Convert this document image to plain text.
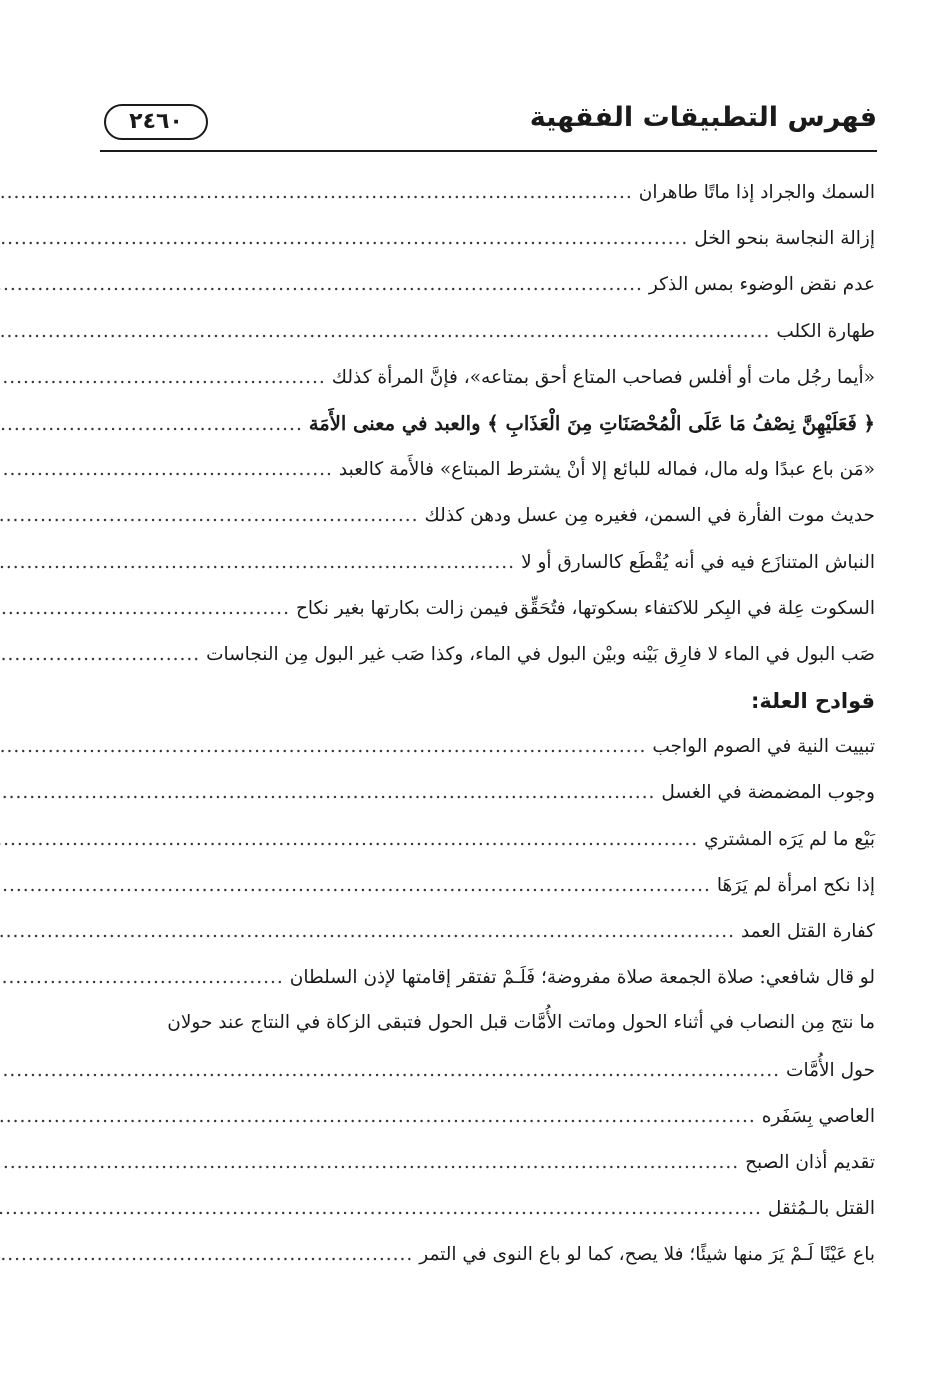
فهرس التطبيقات الفقهية
٢٤٦٠
السمك والجراد إذا ماتًا طاهران
.....
إزالة النجاسة بنحو الخل
.....
عدم نقض الوضوء بمس الذكر
.....
طهارة الكلب
.....
«أيما رجُل مات أو أفلس فصاحب المتاع أحق بمتاعه»، فإنَّ المرأة كذلك
.....
﴿ فَعَلَيْهِنَّ نِصْفُ مَا عَلَى الْمُحْصَنَاتِ مِنَ الْعَذَابِ ﴾ والعبد في معنى الأَمَة
.....
«مَن باع عبدًا وله مال، فماله للبائع إلا أنْ يشترط المبتاع» فالأَمة كالعبد
.....
حديث موت الفأرة في السمن، فغيره مِن عسل ودهن كذلك
.....
النباش المتنازَع فيه في أنه يُقْطَع كالسارق أو لا
.....
السكوت عِلة في البِكر للاكتفاء بسكوتها، فتُحَقِّق فيمن زالت بكارتها بغير نكاح
.....
صَب البول في الماء لا فارِق بَيْنه وبيْن البول في الماء، وكذا صَب غير البول مِن النجاسات
.....
قوادح العلة:
تبييت النية في الصوم الواجب
.....
وجوب المضمضة في الغسل
.....
بَيْع ما لم يَرَه المشتري
.....
إذا نكح امرأة لم يَرَهَا
.....
كفارة القتل العمد
.....
لو قال شافعي: صلاة الجمعة صلاة مفروضة؛ فَلَـمْ تفتقر إقامتها لإذن السلطان
.....
ما نتج مِن النصاب في أثناء الحول وماتت الأُمَّات قبل الحول فتبقى الزكاة في النتاج عند حولان
حول الأُمَّات
.....
العاصي بِسَفَره
.....
تقديم أذان الصبح
.....
القتل بالـمُثقل
.....
باع عَيْنًا لَـمْ يَرَ منها شيئًا؛ فلا يصح، كما لو باع النوى في التمر
.....
